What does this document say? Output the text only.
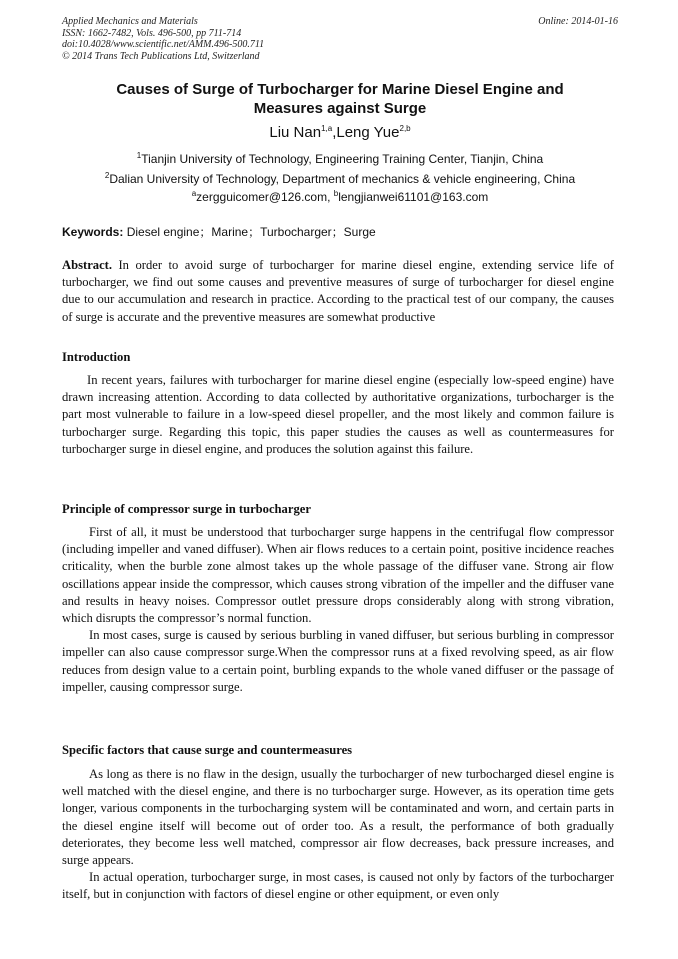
Applied Mechanics and Materials
ISSN: 1662-7482, Vols. 496-500, pp 711-714
doi:10.4028/www.scientific.net/AMM.496-500.711
© 2014 Trans Tech Publications Ltd, Switzerland
Online: 2014-01-16
Causes of Surge of Turbocharger for Marine Diesel Engine and
Measures against Surge
Liu Nan$^{1,a}$,Leng Yue$^{2,b}$
$^1$Tianjin University of Technology, Engineering Training Center, Tianjin, China
$^2$Dalian University of Technology, Department of mechanics & vehicle engineering, China
$^a$zergguicomer@126.com, $^b$lengjianwei61101@163.com
Keywords: Diesel engine；Marine；Turbocharger；Surge

Abstract. In order to avoid surge of turbocharger for marine diesel engine, extending service life of turbocharger, we find out some causes and preventive measures of surge of turbocharger for diesel engine due to our accumulation and research in practice. According to the practical test of our company, the causes of surge is accurate and the preventive measures are somewhat productive

Introduction

In recent years, failures with turbocharger for marine diesel engine (especially low-speed engine) have drawn increasing attention. According to data collected by authoritative organizations, turbocharger is the part most vulnerable to failure in a low-speed diesel propeller, and the most likely and common failure is turbocharger surge. Regarding this topic, this paper studies the causes as well as countermeasures for turbocharger surge in diesel engine, and produces the solution against this failure.

Principle of compressor surge in turbocharger

First of all, it must be understood that turbocharger surge happens in the centrifugal flow compressor (including impeller and vaned diffuser). When air flows reduces to a certain point, positive incidence reaches criticality, when the burble zone almost takes up the whole passage of the diffuser vane. Strong air flow oscillations appear inside the compressor, which causes strong vibration of the impeller and the diffuser vane and results in heavy noises. Compressor outlet pressure drops considerably along with strong vibration, which disrupts the compressor’s normal function.

In most cases, surge is caused by serious burbling in vaned diffuser, but serious burbling in compressor impeller can also cause compressor surge.When the compressor runs at a fixed revolving speed, as air flow reduces from design value to a certain point, burbling expands to the whole vaned diffuser or the passage of impeller, causing compressor surge.

Specific factors that cause surge and countermeasures

As long as there is no flaw in the design, usually the turbocharger of new turbocharged diesel engine is well matched with the diesel engine, and there is no turbocharger surge. However, as its operation time gets longer, various components in the turbocharging system will be contaminated and worn, and certain parts in the diesel engine itself will become out of order too. As a result, the performance of both gradually deteriorates, they become less well matched, compressor air flow decreases, back pressure increases, and surge appears.

In actual operation, turbocharger surge, in most cases, is caused not only by factors of the turbocharger itself, but in conjunction with factors of diesel engine or other equipment, or even only
